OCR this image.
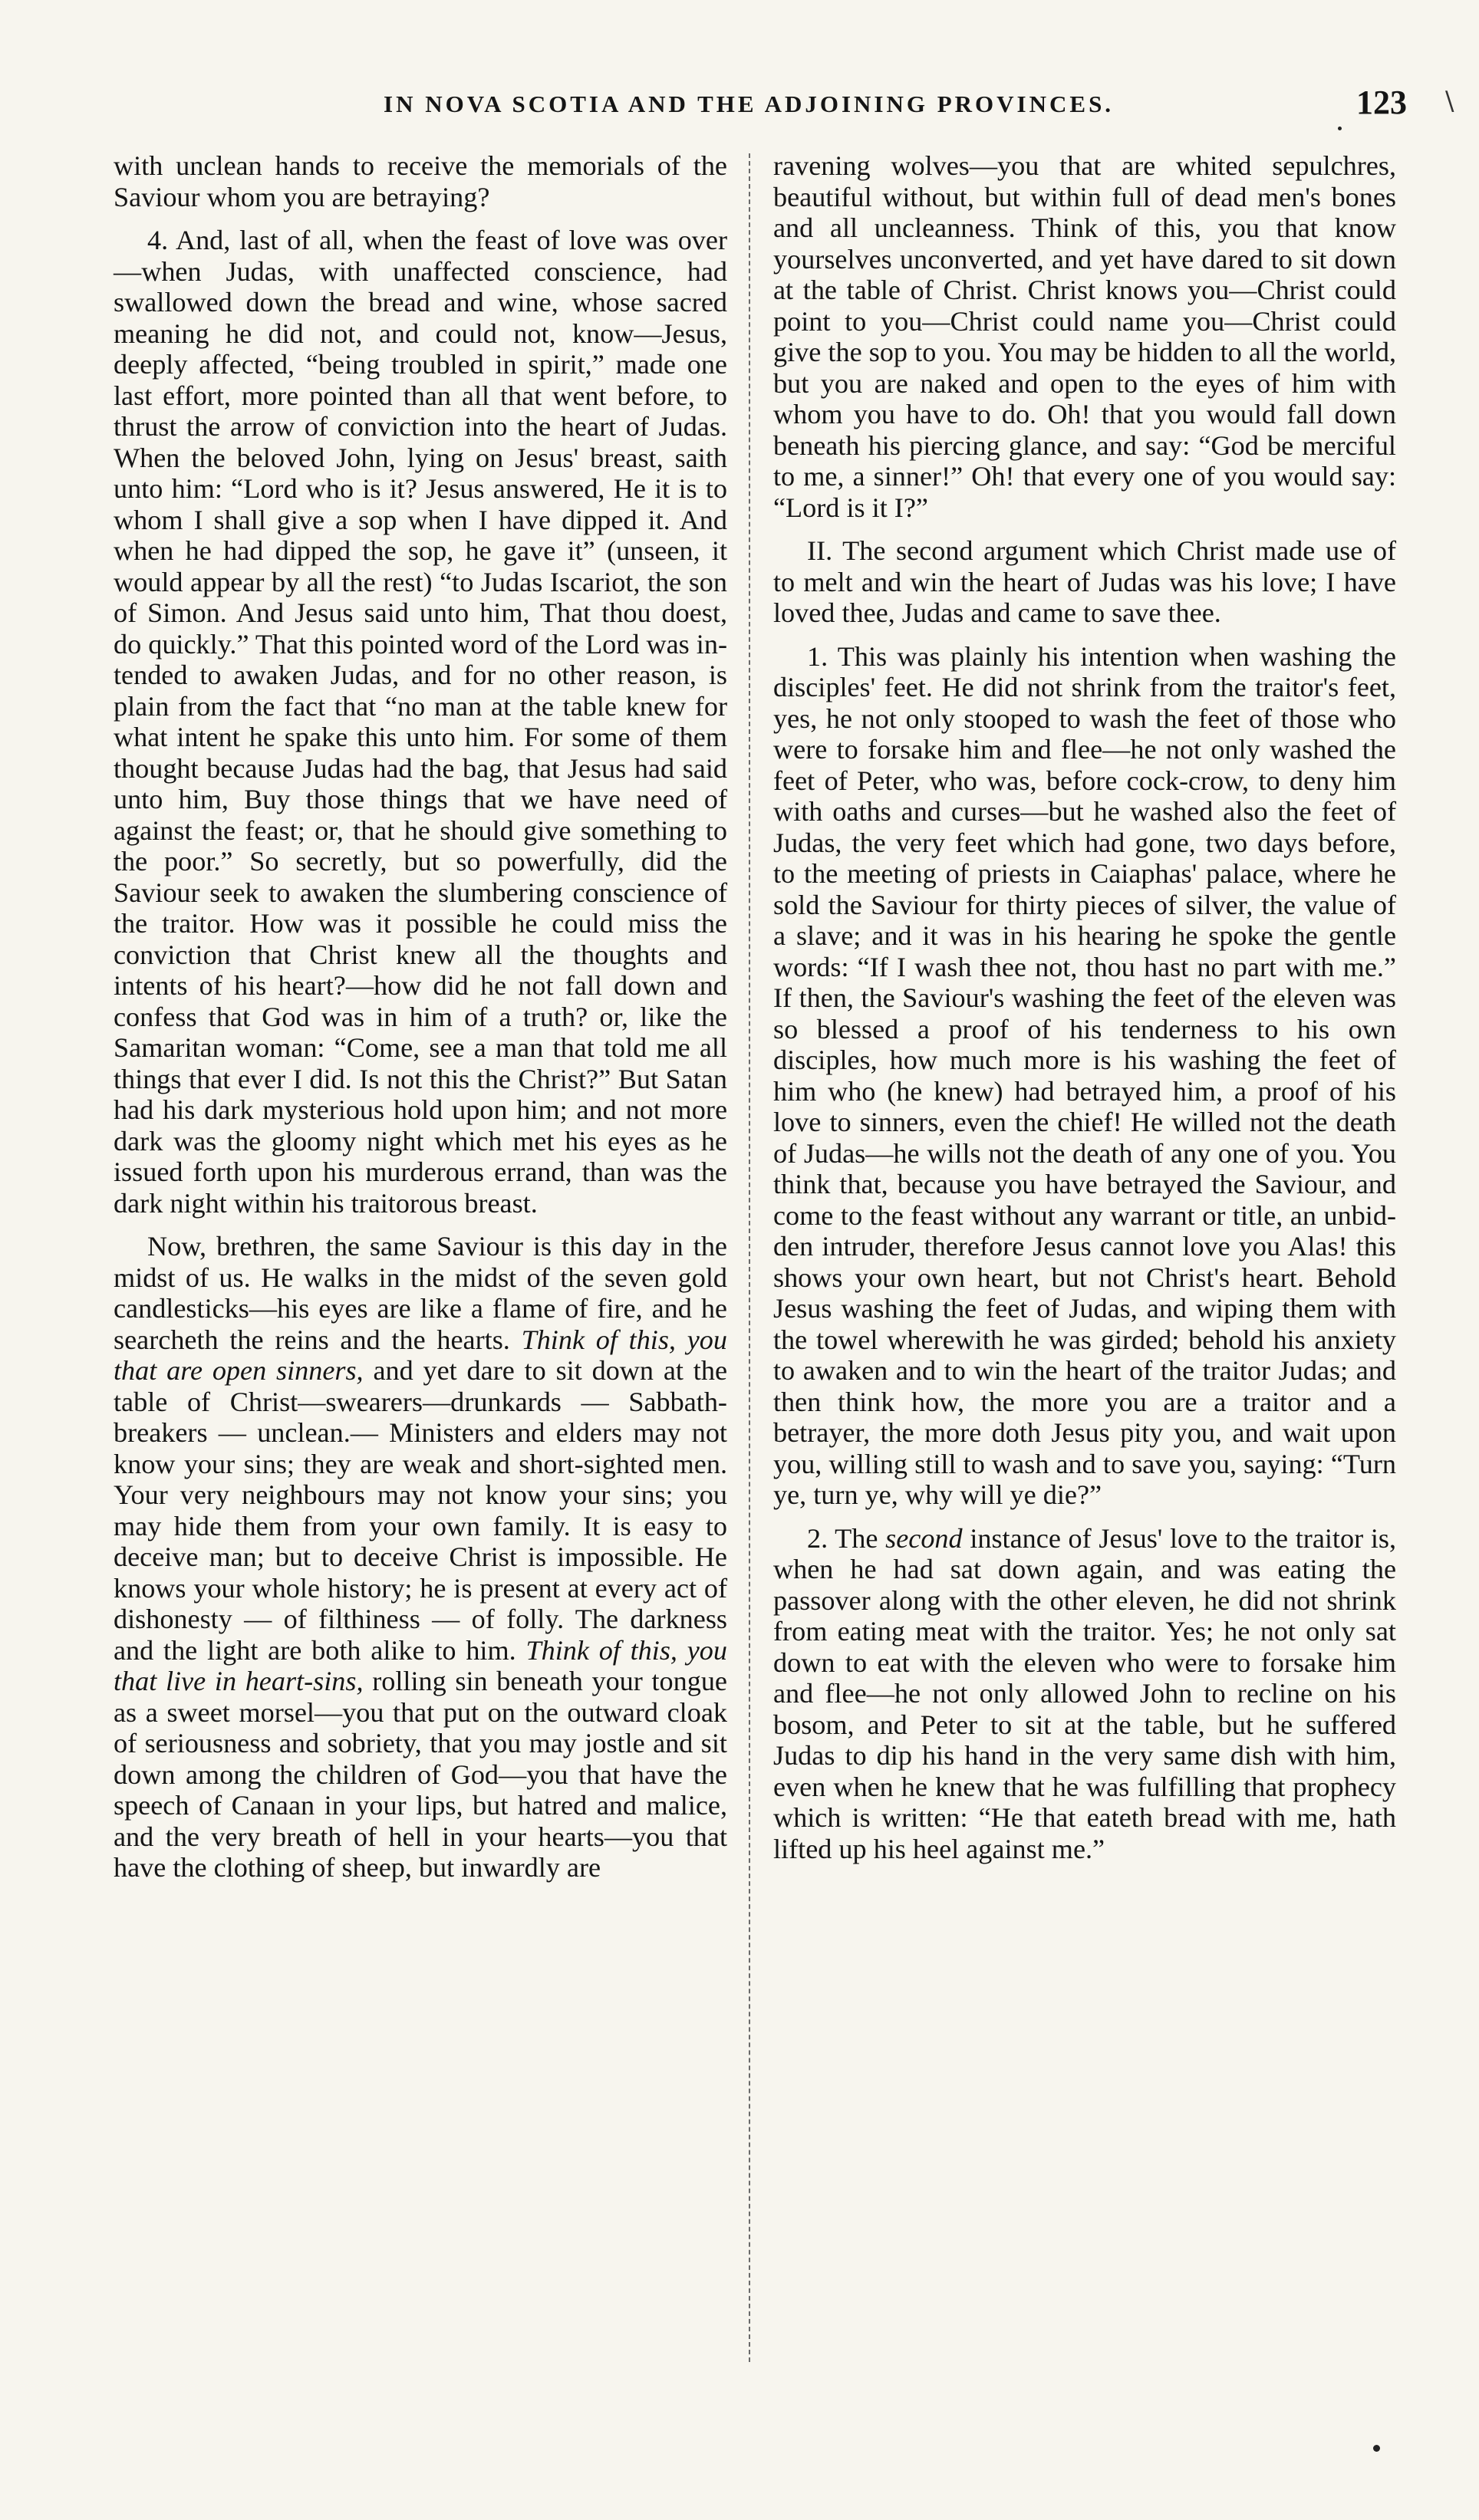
IN NOVA SCOTIA AND THE ADJOINING PROVINCES.	123 \

with unclean hands to receive the memorials of the Saviour whom you are betraying?

4. And, last of all, when the feast of love was over—when Judas, with unaffected conscience, had swallowed down the bread and wine, whose sacred meaning he did not, and could not, know—Jesus, deeply affected, “being troubled in spirit,” made one last effort, more pointed than all that went before, to thrust the arrow of conviction into the heart of Judas. When the beloved John, lying on Jesus' breast, saith unto him: “Lord who is it? Jesus answered, He it is to whom I shall give a sop when I have dipped it. And when he had dipped the sop, he gave it” (unseen, it would appear by all the rest) “to Judas Iscariot, the son of Simon. And Jesus said unto him, That thou doest, do quickly.” That this pointed word of the Lord was intended to awaken Judas, and for no other reason, is plain from the fact that “no man at the table knew for what intent he spake this unto him. For some of them thought because Judas had the bag, that Jesus had said unto him, Buy those things that we have need of against the feast; or, that he should give something to the poor.” So secretly, but so powerfully, did the Saviour seek to awaken the slumbering conscience of the traitor. How was it possible he could miss the conviction that Christ knew all the thoughts and intents of his heart?—how did he not fall down and confess that God was in him of a truth? or, like the Samaritan woman: “Come, see a man that told me all things that ever I did. Is not this the Christ?” But Satan had his dark mysterious hold upon him; and not more dark was the gloomy night which met his eyes as he issued forth upon his murderous errand, than was the dark night within his traitorous breast.

Now, brethren, the same Saviour is this day in the midst of us. He walks in the midst of the seven gold candlesticks—his eyes are like a flame of fire, and he searcheth the reins and the hearts. Think of this, you that are open sinners, and yet dare to sit down at the table of Christ—swearers—drunkards — Sabbath-breakers — unclean.— Ministers and elders may not know your sins; they are weak and short-sighted men. Your very neighbours may not know your sins; you may hide them from your own family. It is easy to deceive man; but to deceive Christ is impossible. He knows your whole history; he is present at every act of dishonesty — of filthiness — of folly. The darkness and the light are both alike to him. Think of this, you that live in heart-sins, rolling sin beneath your tongue as a sweet morsel—you that put on the outward cloak of seriousness and sobriety, that you may jostle and sit down among the children of God—you that have the speech of Canaan in your lips, but hatred and malice, and the very breath of hell in your hearts—you that have the clothing of sheep, but inwardly are

ravening wolves—you that are whited sepulchres, beautiful without, but within full of dead men's bones and all uncleanness. Think of this, you that know yourselves unconverted, and yet have dared to sit down at the table of Christ. Christ knows you—Christ could point to you—Christ could name you—Christ could give the sop to you. You may be hidden to all the world, but you are naked and open to the eyes of him with whom you have to do. Oh! that you would fall down beneath his piercing glance, and say: “God be merciful to me, a sinner!” Oh! that every one of you would say: “Lord is it I?”

II. The second argument which Christ made use of to melt and win the heart of Judas was his love; I have loved thee, Judas and came to save thee.

1. This was plainly his intention when washing the disciples' feet. He did not shrink from the traitor's feet, yes, he not only stooped to wash the feet of those who were to forsake him and flee—he not only washed the feet of Peter, who was, before cock-crow, to deny him with oaths and curses—but he washed also the feet of Judas, the very feet which had gone, two days before, to the meeting of priests in Caiaphas' palace, where he sold the Saviour for thirty pieces of silver, the value of a slave; and it was in his hearing he spoke the gentle words: “If I wash thee not, thou hast no part with me.” If then, the Saviour's washing the feet of the eleven was so blessed a proof of his tenderness to his own disciples, how much more is his washing the feet of him who (he knew) had betrayed him, a proof of his love to sinners, even the chief! He willed not the death of Judas—he wills not the death of any one of you. You think that, because you have betrayed the Saviour, and come to the feast without any warrant or title, an unbidden intruder, therefore Jesus cannot love you Alas! this shows your own heart, but not Christ's heart. Behold Jesus washing the feet of Judas, and wiping them with the towel wherewith he was girded; behold his anxiety to awaken and to win the heart of the traitor Judas; and then think how, the more you are a traitor and a betrayer, the more doth Jesus pity you, and wait upon you, willing still to wash and to save you, saying: “Turn ye, turn ye, why will ye die?”

2. The second instance of Jesus' love to the traitor is, when he had sat down again, and was eating the passover along with the other eleven, he did not shrink from eating meat with the traitor. Yes; he not only sat down to eat with the eleven who were to forsake him and flee—he not only allowed John to recline on his bosom, and Peter to sit at the table, but he suffered Judas to dip his hand in the very same dish with him, even when he knew that he was fulfilling that prophecy which is written: “He that eateth bread with me, hath lifted up his heel against me.”
